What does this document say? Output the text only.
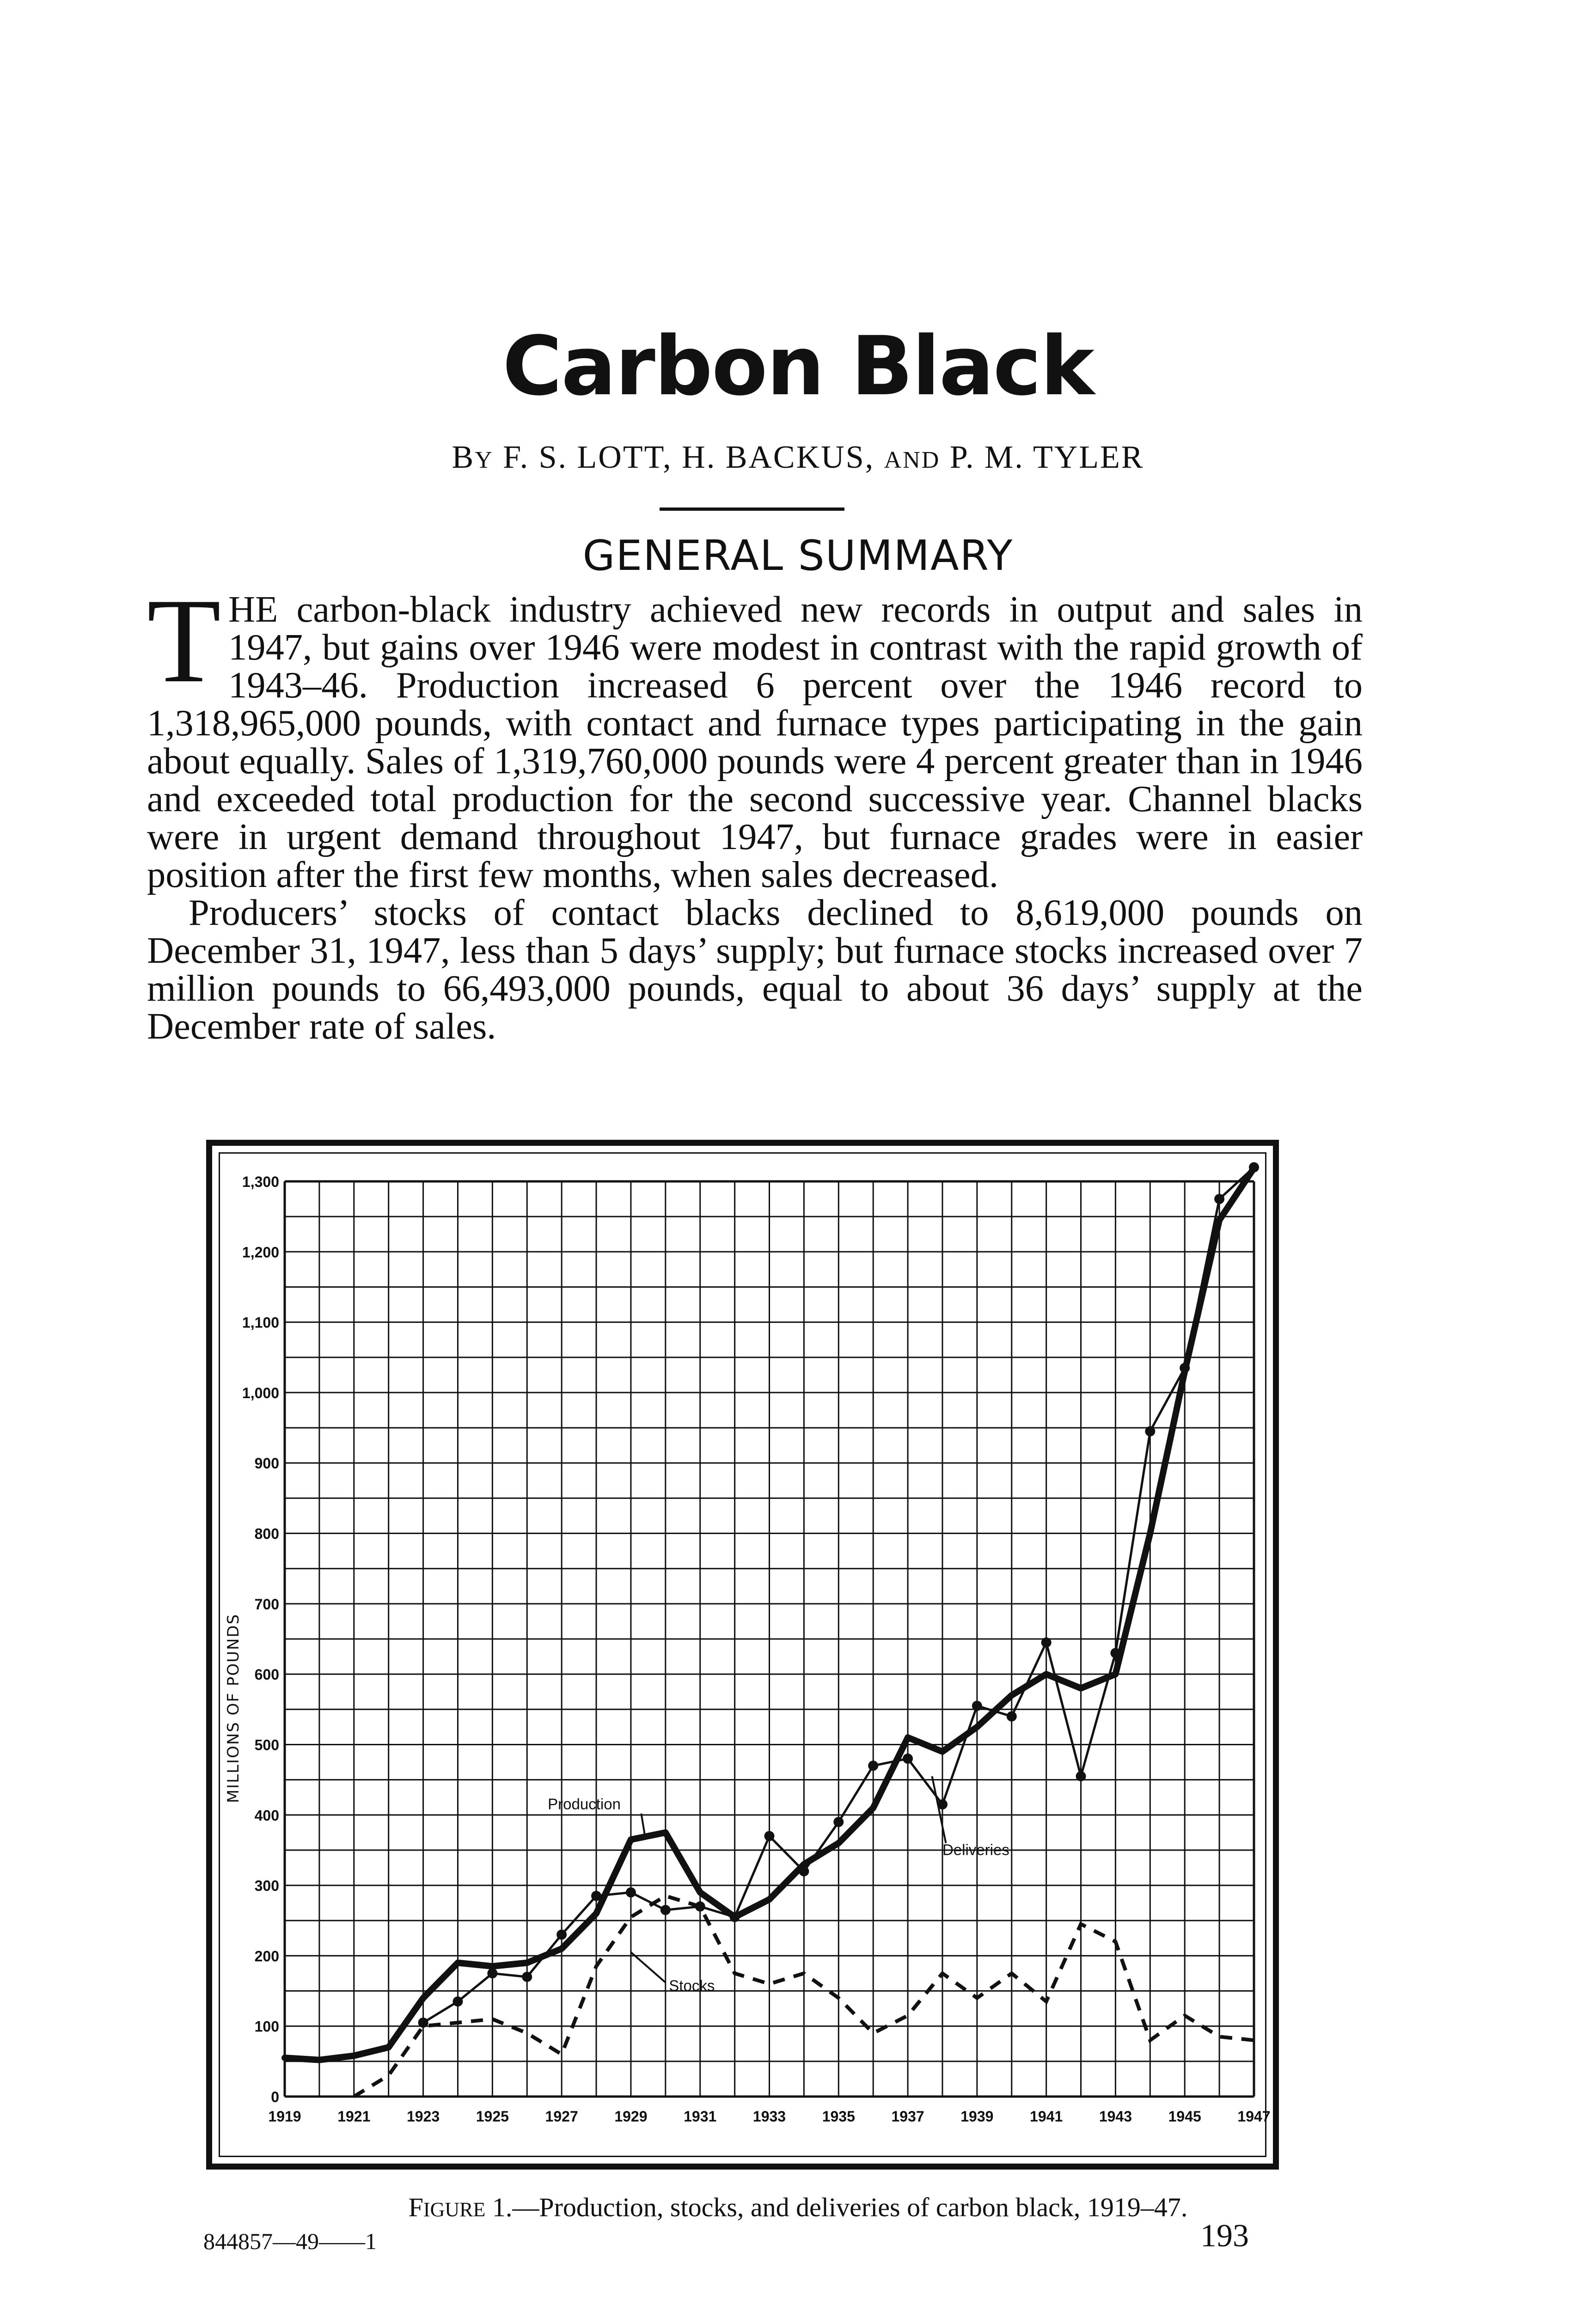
Carbon Black
BY F. S. LOTT, H. BACKUS, AND P. M. TYLER
GENERAL SUMMARY

THE carbon-black industry achieved new records in output and sales in 1947, but gains over 1946 were modest in contrast with the rapid growth of 1943–46. Production increased 6 percent over the 1946 record to 1,318,965,000 pounds, with contact and furnace types participating in the gain about equally. Sales of 1,319,760,000 pounds were 4 percent greater than in 1946 and exceeded total production for the second successive year. Channel blacks were in urgent demand throughout 1947, but furnace grades were in easier position after the first few months, when sales decreased.

Producers’ stocks of contact blacks declined to 8,619,000 pounds on December 31, 1947, less than 5 days’ supply; but furnace stocks increased over 7 million pounds to 66,493,000 pounds, equal to about 36 days’ supply at the December rate of sales.

0
100
200
300
400
500
600
700
800
900
1,000
1,100
1,200
1,300
1919 1921 1923 1925 1927 1929 1931 1933 1935 1937 1939 1941 1943 1945 1947
MILLIONS OF POUNDS
Production
Deliveries
Stocks
FIGURE 1.—Production, stocks, and deliveries of carbon black, 1919–47.
844857—49——1	193
